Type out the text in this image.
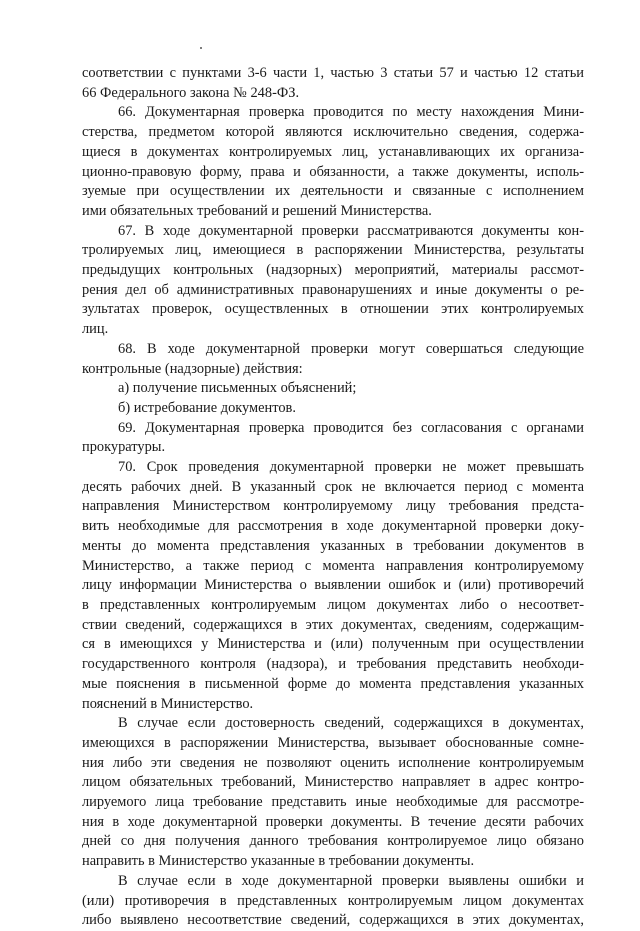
соответствии с пунктами 3-6 части 1, частью 3 статьи 57 и частью 12 статьи

66 Федерального закона № 248-ФЗ.

66. Документарная проверка проводится по месту нахождения Мини-

стерства, предметом которой являются исключительно сведения, содержа-

щиеся в документах контролируемых лиц, устанавливающих их организа-

ционно-правовую форму, права и обязанности, а также документы, исполь-

зуемые при осуществлении их деятельности и связанные с исполнением

ими обязательных требований и решений Министерства.

67. В ходе документарной проверки рассматриваются документы кон-

тролируемых лиц, имеющиеся в распоряжении Министерства, результаты

предыдущих контрольных (надзорных) мероприятий, материалы рассмот-

рения дел об административных правонарушениях и иные документы о ре-

зультатах проверок, осуществленных в отношении этих контролируемых

лиц.

68. В ходе документарной проверки могут совершаться следующие

контрольные (надзорные) действия:

а) получение письменных объяснений;

б) истребование документов.

69. Документарная проверка проводится без согласования с органами

прокуратуры.

70. Срок проведения документарной проверки не может превышать

десять рабочих дней. В указанный срок не включается период с момента

направления Министерством контролируемому лицу требования предста-

вить необходимые для рассмотрения в ходе документарной проверки доку-

менты до момента представления указанных в требовании документов в

Министерство, а также период с момента направления контролируемому

лицу информации Министерства о выявлении ошибок и (или) противоречий

в представленных контролируемым лицом документах либо о несоответ-

ствии сведений, содержащихся в этих документах, сведениям, содержащим-

ся в имеющихся у Министерства и (или) полученным при осуществлении

государственного контроля (надзора), и требования представить необходи-

мые пояснения в письменной форме до момента представления указанных

пояснений в Министерство.

В случае если достоверность сведений, содержащихся в документах,

имеющихся в распоряжении Министерства, вызывает обоснованные сомне-

ния либо эти сведения не позволяют оценить исполнение контролируемым

лицом обязательных требований, Министерство направляет в адрес контро-

лируемого лица требование представить иные необходимые для рассмотре-

ния в ходе документарной проверки документы. В течение десяти рабочих

дней со дня получения данного требования контролируемое лицо обязано

направить в Министерство указанные в требовании документы.

В случае если в ходе документарной проверки выявлены ошибки и

(или) противоречия в представленных контролируемым лицом документах

либо выявлено несоответствие сведений, содержащихся в этих документах,
